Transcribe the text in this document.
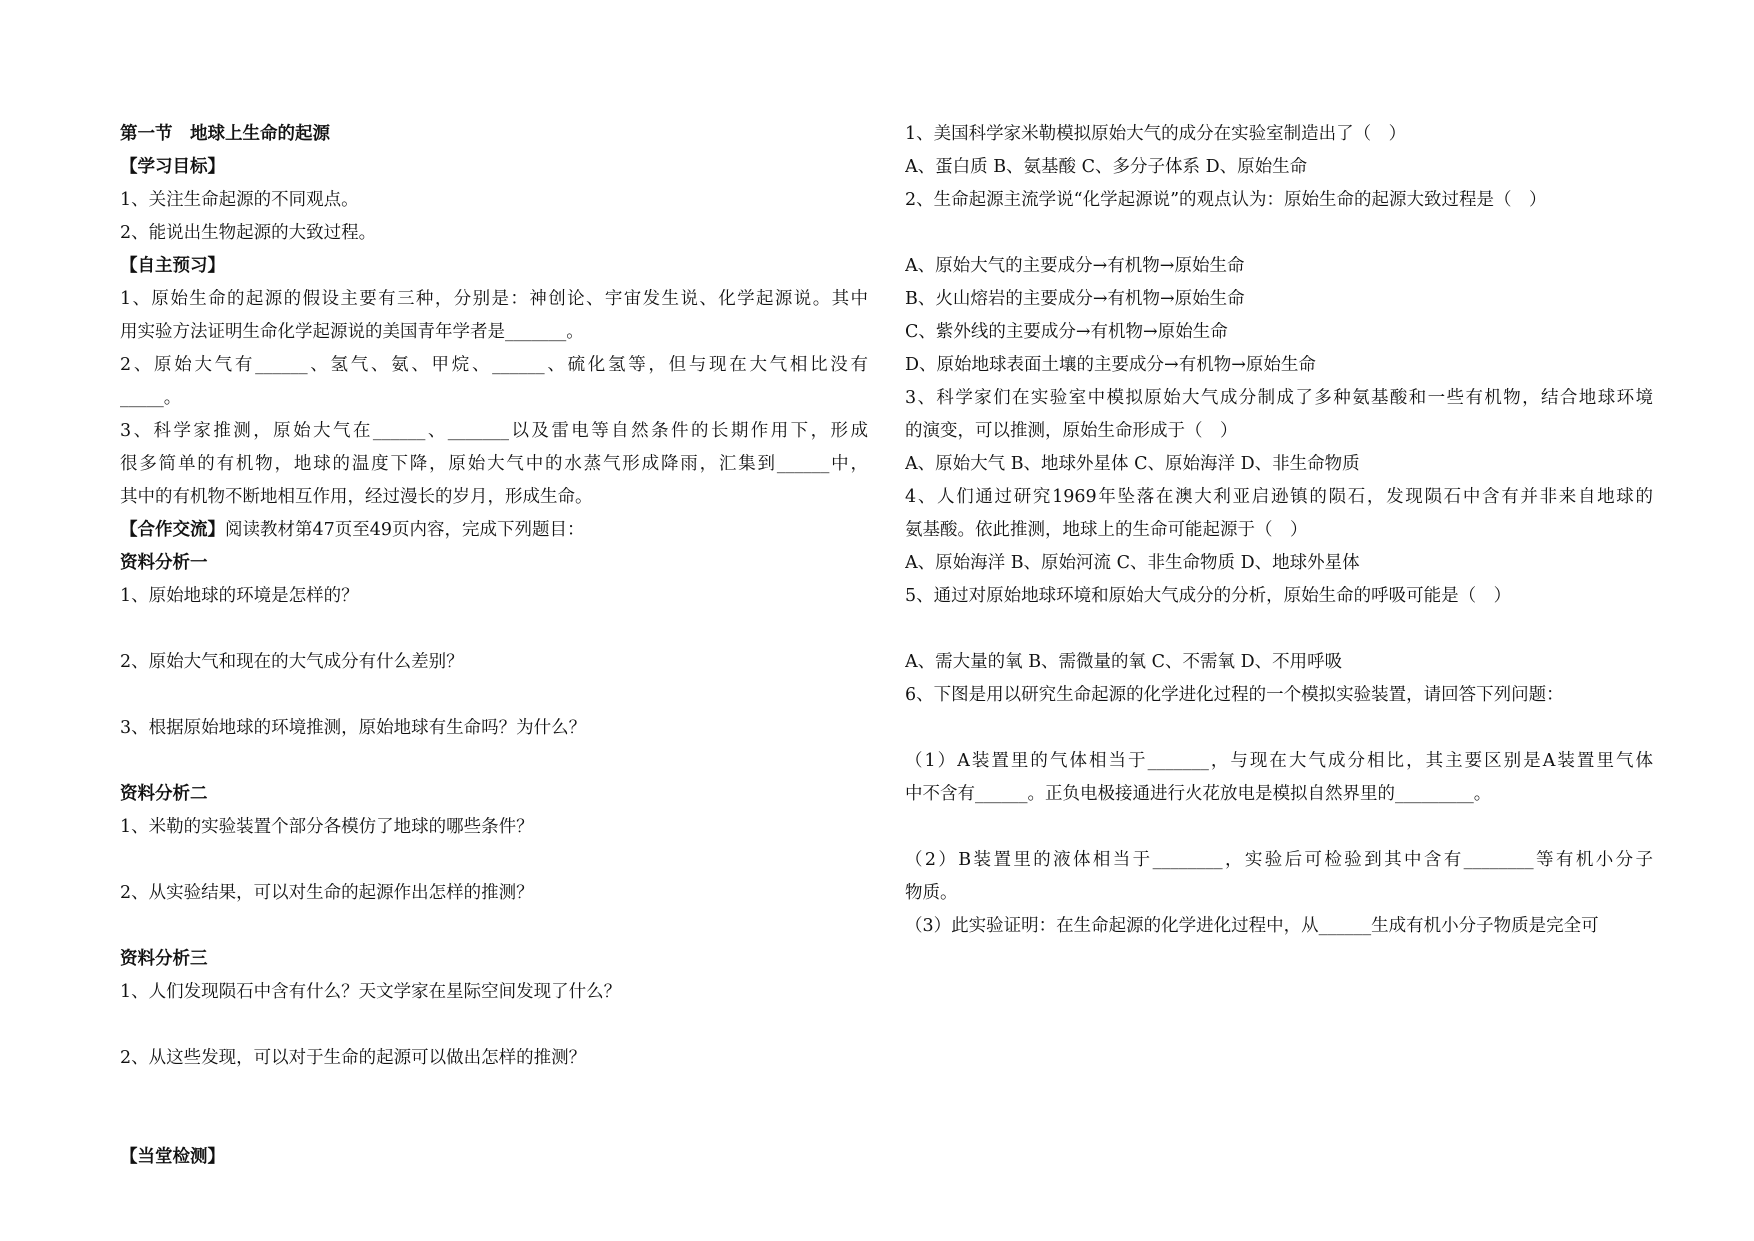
第一节　地球上生命的起源

【学习目标】

1、关注生命起源的不同观点。

2、能说出生物起源的大致过程。

【自主预习】

1、原始生命的起源的假设主要有三种，分别是：神创论、宇宙发生说、化学起源说。其中

用实验方法证明生命化学起源说的美国青年学者是_______。

2、原始大气有______、氢气、氨、甲烷、______、硫化氢等，但与现在大气相比没有

_____。

3、科学家推测，原始大气在______、_______以及雷电等自然条件的长期作用下，形成

很多简单的有机物，地球的温度下降，原始大气中的水蒸气形成降雨，汇集到______中，

其中的有机物不断地相互作用，经过漫长的岁月，形成生命。

【合作交流】阅读教材第47页至49页内容，完成下列题目：

资料分析一

1、原始地球的环境是怎样的？

2、原始大气和现在的大气成分有什么差别？

3、根据原始地球的环境推测，原始地球有生命吗？为什么？

资料分析二

1、米勒的实验装置个部分各模仿了地球的哪些条件？

2、从实验结果，可以对生命的起源作出怎样的推测？

资料分析三

1、人们发现陨石中含有什么？天文学家在星际空间发现了什么？

2、从这些发现，可以对于生命的起源可以做出怎样的推测？

【当堂检测】

1、美国科学家米勒模拟原始大气的成分在实验室制造出了（　）

A、蛋白质 B、氨基酸 C、多分子体系 D、原始生命

2、生命起源主流学说“化学起源说”的观点认为：原始生命的起源大致过程是（　）

A、原始大气的主要成分→有机物→原始生命

B、火山熔岩的主要成分→有机物→原始生命

C、紫外线的主要成分→有机物→原始生命

D、原始地球表面土壤的主要成分→有机物→原始生命

3、科学家们在实验室中模拟原始大气成分制成了多种氨基酸和一些有机物，结合地球环境

的演变，可以推测，原始生命形成于（　）

A、原始大气 B、地球外星体 C、原始海洋 D、非生命物质

4、人们通过研究1969年坠落在澳大利亚启逊镇的陨石，发现陨石中含有并非来自地球的

氨基酸。依此推测，地球上的生命可能起源于（　）

A、原始海洋 B、原始河流 C、非生命物质 D、地球外星体

5、通过对原始地球环境和原始大气成分的分析，原始生命的呼吸可能是（　）

A、需大量的氧 B、需微量的氧 C、不需氧 D、不用呼吸

6、下图是用以研究生命起源的化学进化过程的一个模拟实验装置，请回答下列问题：

（1）A装置里的气体相当于_______，与现在大气成分相比，其主要区别是A装置里气体

中不含有______。正负电极接通进行火花放电是模拟自然界里的_________。

（2）B装置里的液体相当于________，实验后可检验到其中含有________等有机小分子

物质。

（3）此实验证明：在生命起源的化学进化过程中，从______生成有机小分子物质是完全可
